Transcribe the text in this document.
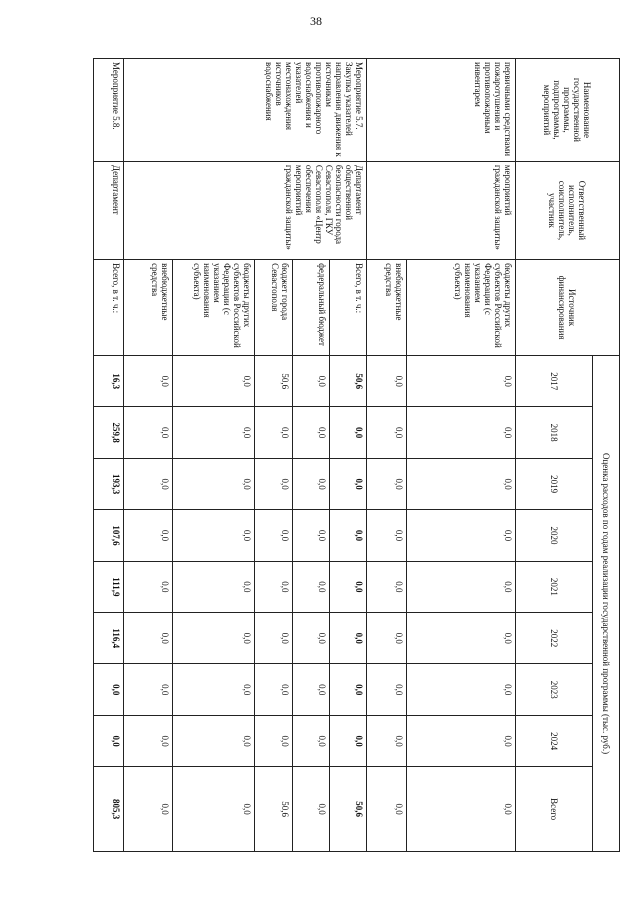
38
Наименование государственной программы, подпрограммы, мероприятий	Ответственный исполнитель, соисполнитель, участник	Источник финансирования	Оценка расходов по годам реализации государственной программы (тыс. руб.)								
			2017	2018	2019	2020	2021	2022	2023	2024	Всего
первичными средствами пожаротушения и противопожарным инвентарем	мероприятий гражданской защиты»	бюджеты других субъектов Российской Федерации (с указанием наименования субъекта)	0,0	0,0	0,0	0,0	0,0	0,0	0,0	0,0	0,0
		внебюджетные средства	0,0	0,0	0,0	0,0	0,0	0,0	0,0	0,0	0,0
Мероприятие 5.7. Закупка указателей направления движения к источникам противопожарного водоснабжения и указателей местонахождения источников водоснабжения	Департамент общественной безопасности города Севастополя, ГКУ Севастополя «Центр обеспечения мероприятий гражданской защиты»	Всего, в т. ч.:	50,6	0,0	0,0	0,0	0,0	0,0	0,0	0,0	50,6
		федеральный бюджет	0,0	0,0	0,0	0,0	0,0	0,0	0,0	0,0	0,0
		бюджет города Севастополя	50,6	0,0	0,0	0,0	0,0	0,0	0,0	0,0	50,6
		бюджеты других субъектов Российской Федерации (с указанием наименования субъекта)	0,0	0,0	0,0	0,0	0,0	0,0	0,0	0,0	0,0
		внебюджетные средства	0,0	0,0	0,0	0,0	0,0	0,0	0,0	0,0	0,0
Мероприятие 5.8.	Департамент	Всего, в т. ч.:	16,3	259,8	193,3	107,6	111,9	116,4	0,0	0,0	805,3
